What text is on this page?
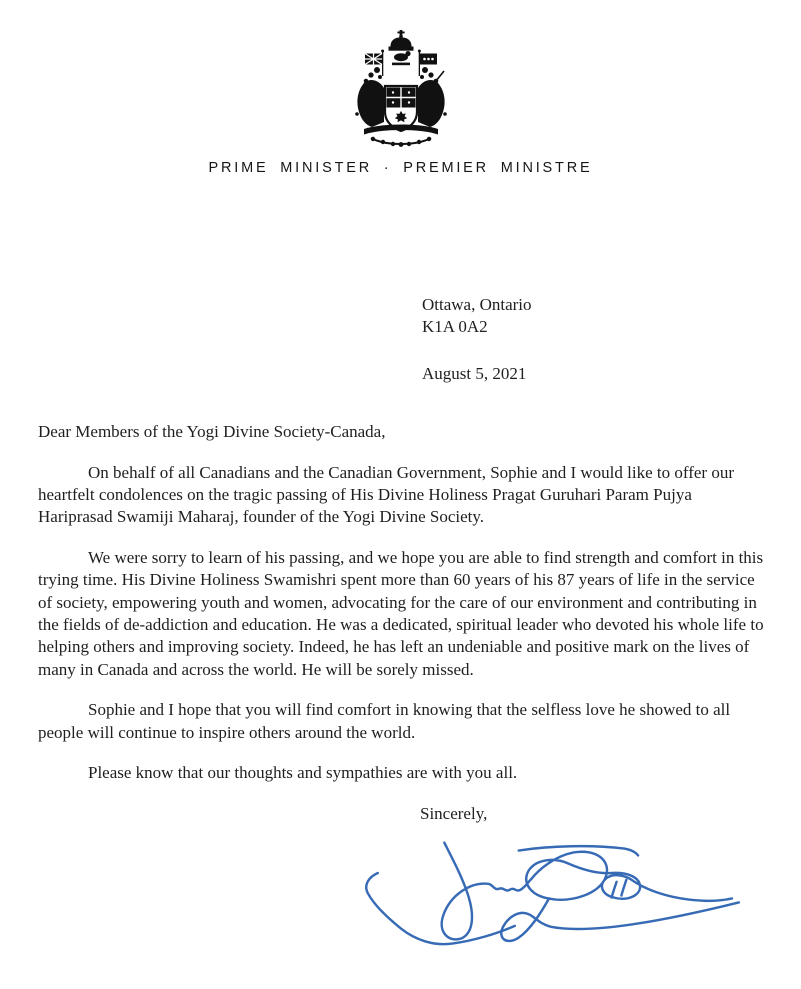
PRIME MINISTER · PREMIER MINISTRE

Ottawa, Ontario

K1A 0A2

August 5, 2021

Dear Members of the Yogi Divine Society-Canada,

On behalf of all Canadians and the Canadian Government, Sophie and I would like to offer our heartfelt condolences on the tragic passing of His Divine Holiness Pragat Guruhari Param Pujya Hariprasad Swamiji Maharaj, founder of the Yogi Divine Society.

We were sorry to learn of his passing, and we hope you are able to find strength and comfort in this trying time. His Divine Holiness Swamishri spent more than 60 years of his 87 years of life in the service of society, empowering youth and women, advocating for the care of our environment and contributing in the fields of de-addiction and education. He was a dedicated, spiritual leader who devoted his whole life to helping others and improving society. Indeed, he has left an undeniable and positive mark on the lives of many in Canada and across the world. He will be sorely missed.

Sophie and I hope that you will find comfort in knowing that the selfless love he showed to all people will continue to inspire others around the world.

Please know that our thoughts and sympathies are with you all.

Sincerely,
